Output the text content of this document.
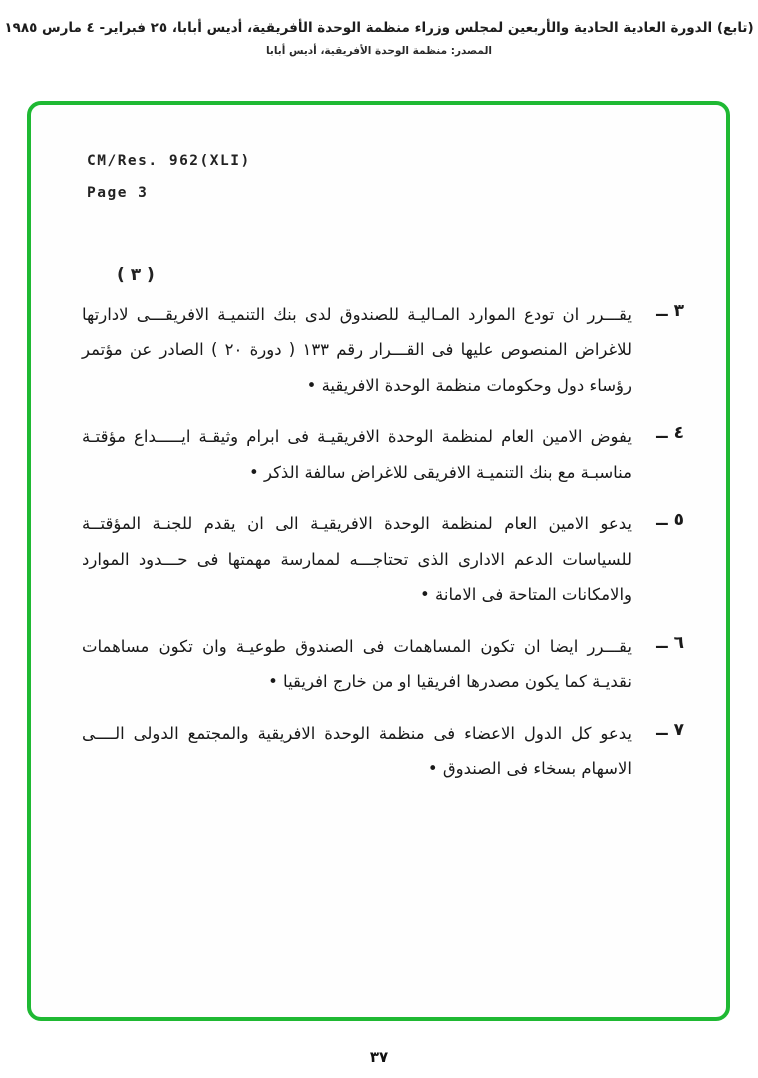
(تابع) الدورة العادية الحادية والأربعين لمجلس وزراء منظمة الوحدة الأفريقية، أديس أبابا، ٢٥ فبراير- ٤ مارس ١٩٨٥
المصدر: منظمة الوحدة الأفريقية، أديس أبابا
CM/Res. 962(XLI)
Page 3
( ٣ )
٣ ــ
يقـــرر ان تودع الموارد المـاليـة للصندوق لدى بنك التنميـة الافريقـــى لادارتها للاغراض المنصوص عليها فى القـــرار رقم ١٣٣ ( دورة ٢٠ ) الصادر عن مؤتمر رؤساء دول وحكومات منظمة الوحدة الافريقية •
٤ ــ
يفوض الامين العام لمنظمة الوحدة الافريقيـة فى ابرام وثيقـة ايـــــداع مؤقتـة مناسبـة مع بنك التنميـة الافريقى للاغراض سالفة الذكر •
٥ ــ
يدعو الامين العام لمنظمة الوحدة الافريقيـة الى ان يقدم للجنـة المؤقتــة للسياسات الدعم الادارى الذى تحتاجـــه لممارسة مهمتها فى حـــدود الموارد والامكانات المتاحة فى الامانة •
٦ ــ
يقـــرر ايضا ان تكون المساهمات فى الصندوق طوعيـة وان تكون مساهمات نقديـة كما يكون مصدرها افريقيا او من خارج افريقيا •
٧ ــ
يدعو كل الدول الاعضاء فى منظمة الوحدة الافريقية والمجتمع الدولى الــــى الاسهام بسخاء فى الصندوق •
٣٧
